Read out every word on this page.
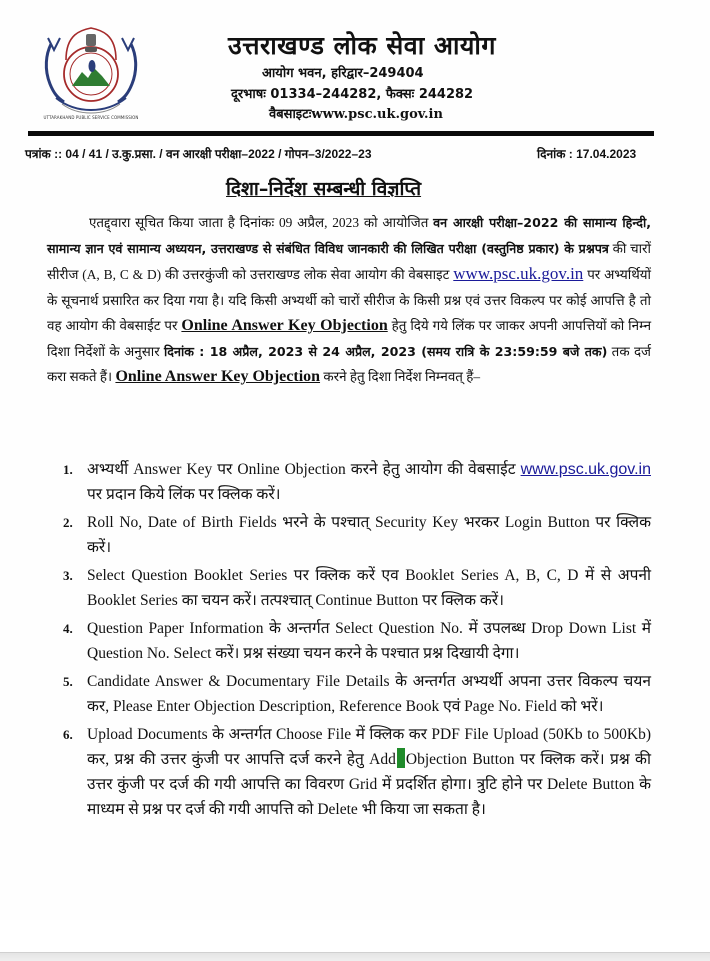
UTTARAKHAND PUBLIC SERVICE COMMISSION
उत्तराखण्ड लोक सेवा आयोग
आयोग भवन, हरिद्वार–249404
दूरभाषः 01334–244282, फैक्सः 244282
वैबसाइटःwww.psc.uk.gov.in
पत्रांक :: 04 / 41 / उ.कु.प्रसा. / वन आरक्षी परीक्षा–2022 / गोपन–3/2022–23	दिनांक : 17.04.2023
दिशा–निर्देश सम्बन्धी विज्ञप्ति
एतद्द्वारा सूचित किया जाता है दिनांकः 09 अप्रैल, 2023 को आयोजित वन आरक्षी परीक्षा–2022 की सामान्य हिन्दी, सामान्य ज्ञान एवं सामान्य अध्ययन, उत्तराखण्ड से संबंधित विविध जानकारी की लिखित परीक्षा (वस्तुनिष्ठ प्रकार) के प्रश्नपत्र की चारों सीरीज (A, B, C & D) की उत्तरकुंजी को उत्तराखण्ड लोक सेवा आयोग की वेबसाइट www.psc.uk.gov.in पर अभ्यर्थियों के सूचनार्थ प्रसारित कर दिया गया है। यदि किसी अभ्यर्थी को चारों सीरीज के किसी प्रश्न एवं उत्तर विकल्प पर कोई आपत्ति है तो वह आयोग की वेबसाईट पर Online Answer Key Objection हेतु दिये गये लिंक पर जाकर अपनी आपत्तियों को निम्न दिशा निर्देशों के अनुसार दिनांक : 18 अप्रैल, 2023 से 24 अप्रैल, 2023 (समय रात्रि के 23:59:59 बजे तक) तक दर्ज करा सकते हैं। Online Answer Key Objection करने हेतु दिशा निर्देश निम्नवत् हैं–
1. अभ्यर्थी Answer Key पर Online Objection करने हेतु आयोग की वेबसाईट www.psc.uk.gov.in पर प्रदान किये लिंक पर क्लिक करें।
2. Roll No, Date of Birth Fields भरने के पश्चात् Security Key भरकर Login Button पर क्लिक करें।
3. Select Question Booklet Series पर क्लिक करें एव Booklet Series A, B, C, D में से अपनी Booklet Series का चयन करें। तत्पश्चात् Continue Button पर क्लिक करें।
4. Question Paper Information के अन्तर्गत Select Question No. में उपलब्ध Drop Down List में Question No. Select करें। प्रश्न संख्या चयन करने के पश्चात प्रश्न दिखायी देगा।
5. Candidate Answer & Documentary File Details के अन्तर्गत अभ्यर्थी अपना उत्तर विकल्प चयन कर, Please Enter Objection Description, Reference Book एवं Page No. Field को भरें।
6. Upload Documents के अन्तर्गत Choose File में क्लिक कर PDF File Upload (50Kb to 500Kb) कर, प्रश्न की उत्तर कुंजी पर आपत्ति दर्ज करने हेतु Add Objection Button पर क्लिक करें। प्रश्न की उत्तर कुंजी पर दर्ज की गयी आपत्ति का विवरण Grid में प्रदर्शित होगा। त्रुटि होने पर Delete Button के माध्यम से प्रश्न पर दर्ज की गयी आपत्ति को Delete भी किया जा सकता है।
